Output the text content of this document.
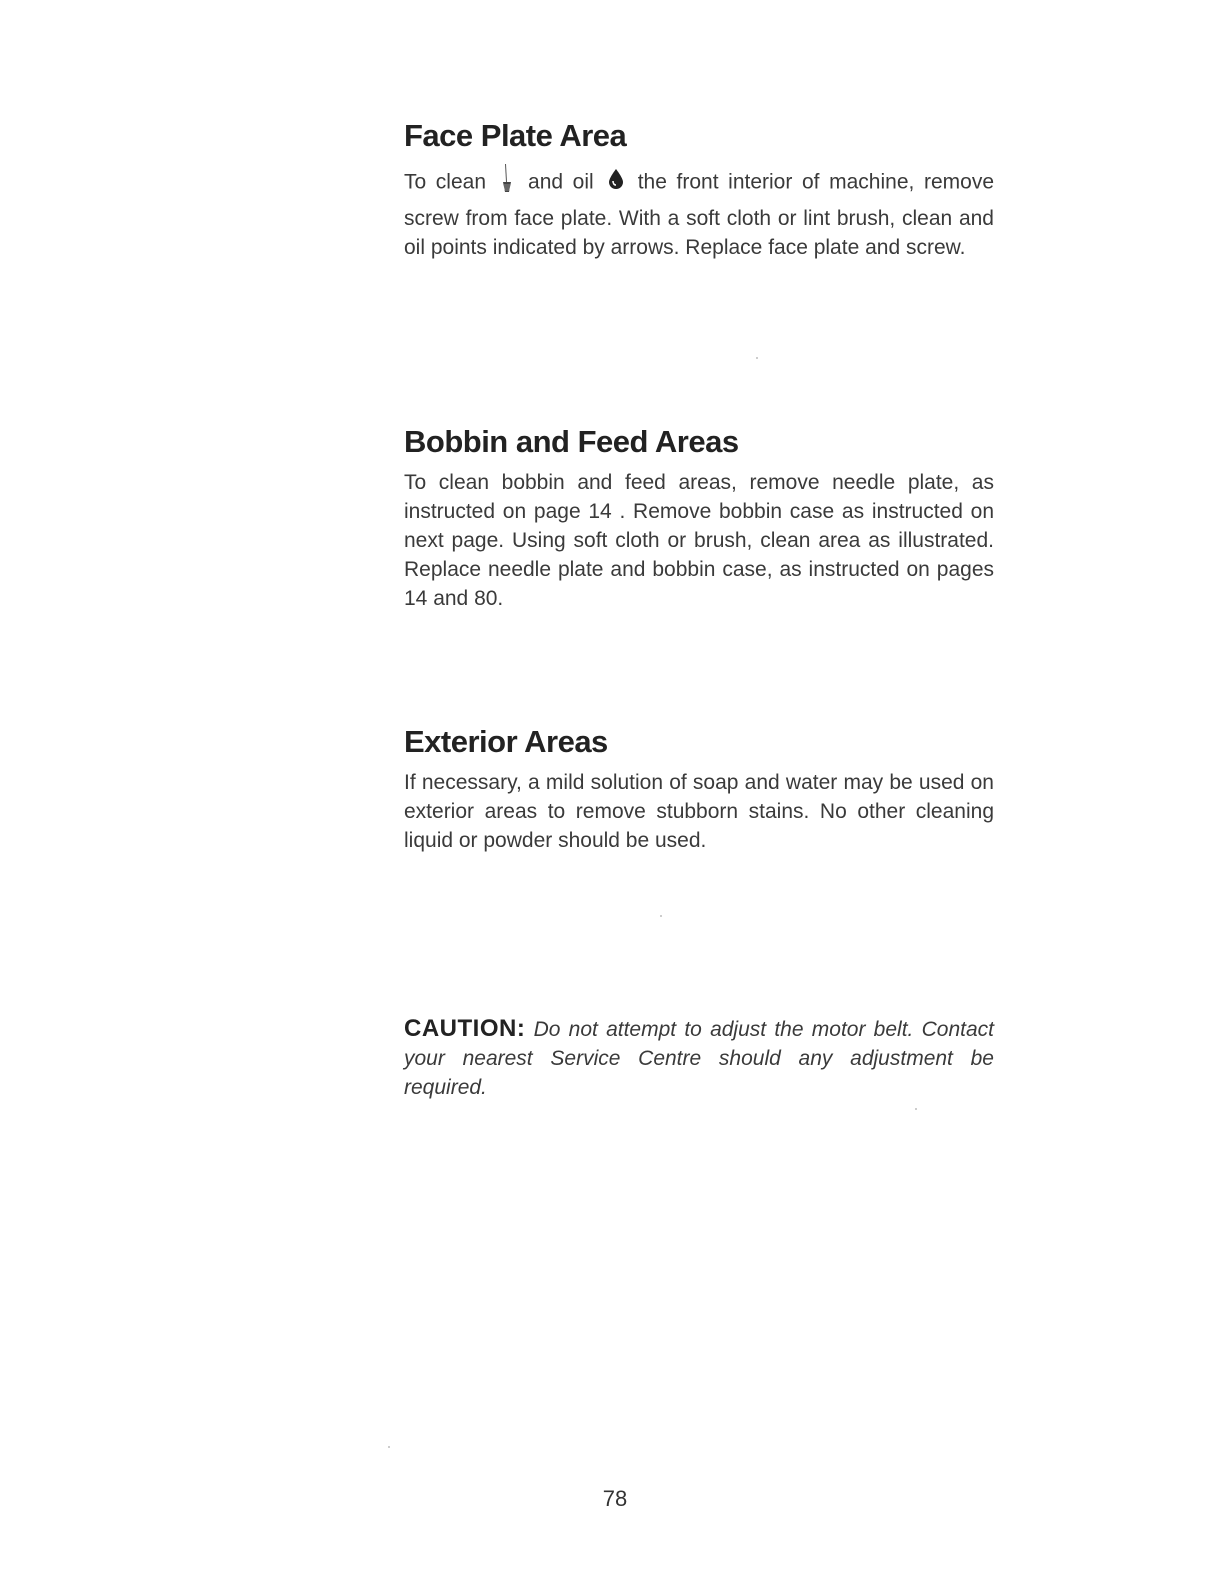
Face Plate Area

To clean and oil the front interior of machine, remove screw from face plate. With a soft cloth or lint brush, clean and oil points indicated by arrows. Replace face plate and screw.

Bobbin and Feed Areas

To clean bobbin and feed areas, remove needle plate, as instructed on page 14 . Remove bobbin case as instructed on next page. Using soft cloth or brush, clean area as illustrated. Replace needle plate and bobbin case, as instructed on pages 14 and 80.

Exterior Areas

If necessary, a mild solution of soap and water may be used on exterior areas to remove stubborn stains. No other cleaning liquid or powder should be used.

CAUTION: Do not attempt to adjust the motor belt. Contact your nearest Service Centre should any adjustment be required.

78
